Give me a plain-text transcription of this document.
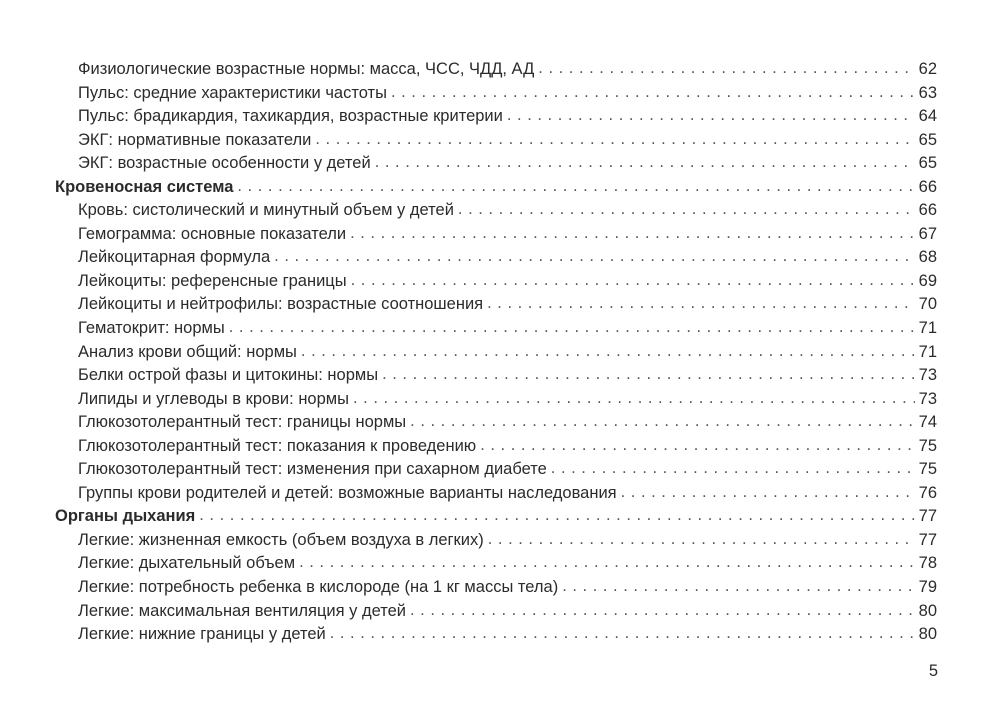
Физиологические возрастные нормы: масса, ЧСС, ЧДД, АД . . .	62
Пульс: средние характеристики частоты . . .	63
Пульс: брадикардия, тахикардия, возрастные критерии . . .	64
ЭКГ: нормативные показатели . . .	65
ЭКГ: возрастные особенности у детей . . .	65
Кровеносная система . . .	66
Кровь: систолический и минутный объем у детей . . .	66
Гемограмма: основные показатели . . .	67
Лейкоцитарная формула . . .	68
Лейкоциты: референсные границы . . .	69
Лейкоциты и нейтрофилы: возрастные соотношения . . .	70
Гематокрит: нормы . . .	71
Анализ крови общий: нормы . . .	71
Белки острой фазы и цитокины: нормы . . .	73
Липиды и углеводы в крови: нормы . . .	73
Глюкозотолерантный тест: границы нормы . . .	74
Глюкозотолерантный тест: показания к проведению . . .	75
Глюкозотолерантный тест: изменения при сахарном диабете . . .	75
Группы крови родителей и детей: возможные варианты наследования . . .	76
Органы дыхания . . .	77
Легкие: жизненная емкость (объем воздуха в легких) . . .	77
Легкие: дыхательный объем . . .	78
Легкие: потребность ребенка в кислороде (на 1 кг массы тела) . . .	79
Легкие: максимальная вентиляция у детей . . .	80
Легкие: нижние границы у детей . . .	80
5
